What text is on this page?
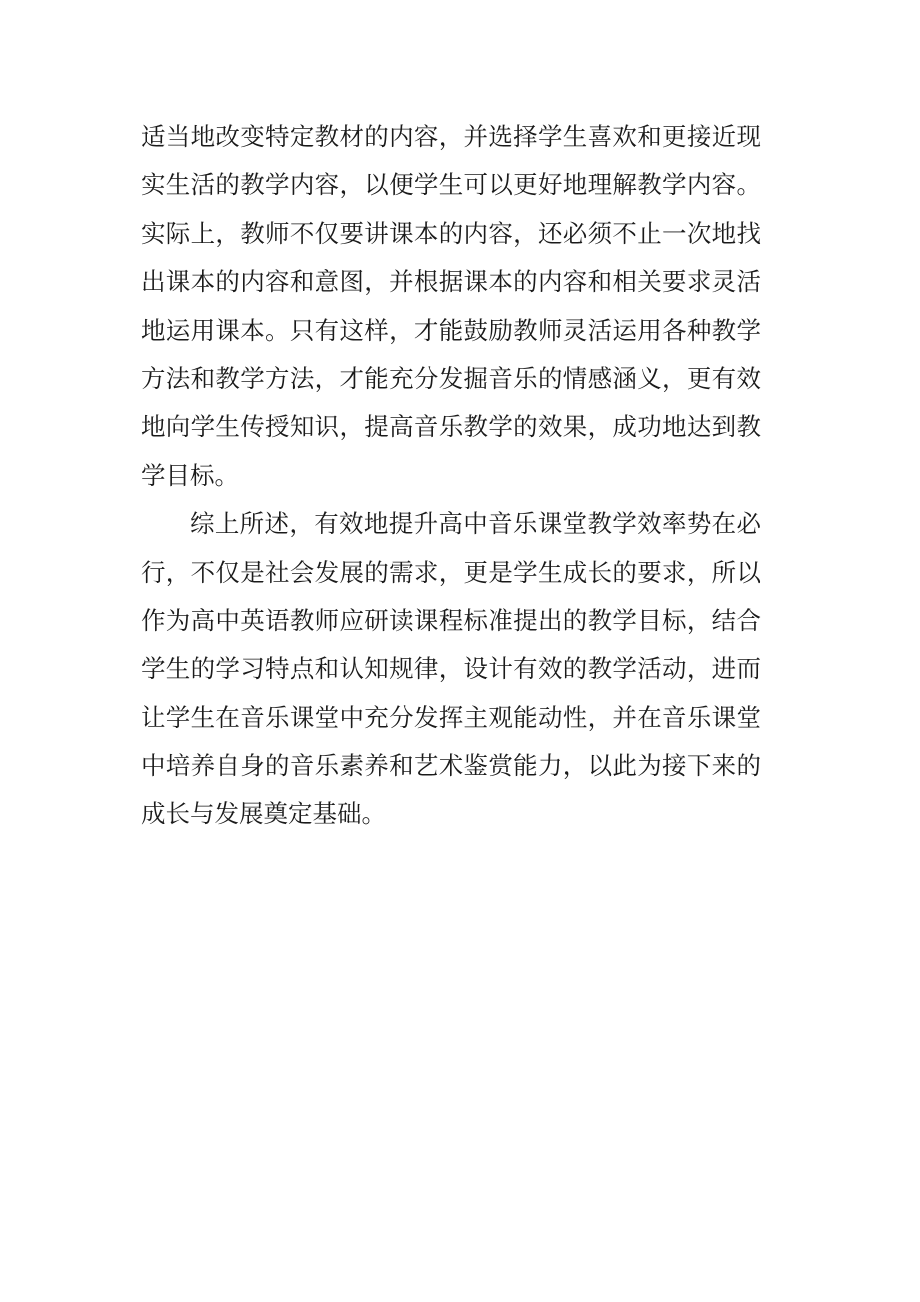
适当地改变特定教材的内容，并选择学生喜欢和更接近现
实生活的教学内容，以便学生可以更好地理解教学内容。
实际上，教师不仅要讲课本的内容，还必须不止一次地找
出课本的内容和意图，并根据课本的内容和相关要求灵活
地运用课本。只有这样，才能鼓励教师灵活运用各种教学
方法和教学方法，才能充分发掘音乐的情感涵义，更有效
地向学生传授知识，提高音乐教学的效果，成功地达到教
学目标。
综上所述，有效地提升高中音乐课堂教学效率势在必
行，不仅是社会发展的需求，更是学生成长的要求，所以
作为高中英语教师应研读课程标准提出的教学目标，结合
学生的学习特点和认知规律，设计有效的教学活动，进而
让学生在音乐课堂中充分发挥主观能动性，并在音乐课堂
中培养自身的音乐素养和艺术鉴赏能力，以此为接下来的
成长与发展奠定基础。
